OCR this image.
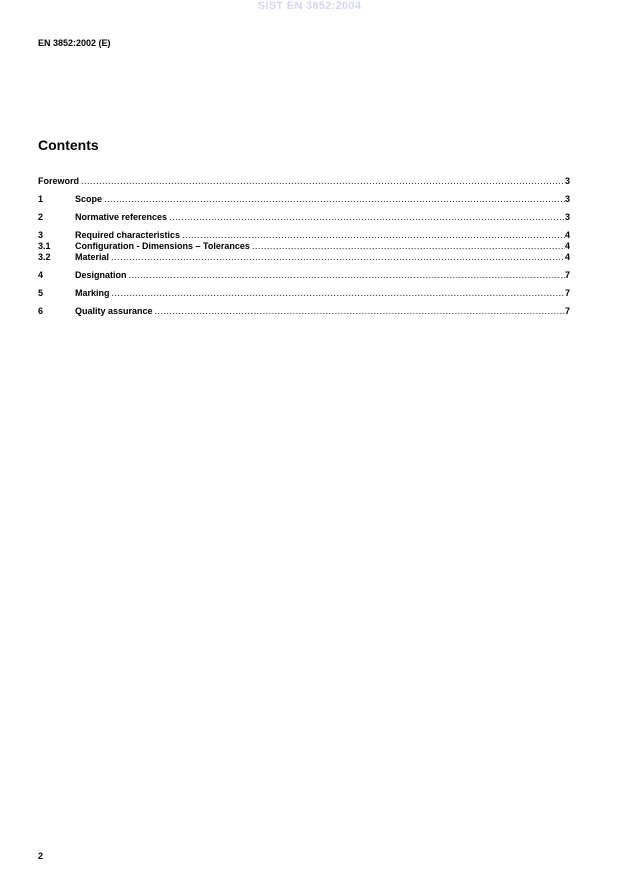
SIST EN 3852:2004
EN 3852:2002 (E)
Contents
Foreword .....	3
1	Scope .....	3
2	Normative references .....	3
3	Required characteristics .....	4
3.1	Configuration - Dimensions – Tolerances .....	4
3.2	Material .....	4
4	Designation .....	7
5	Marking .....	7
6	Quality assurance .....	7
2
